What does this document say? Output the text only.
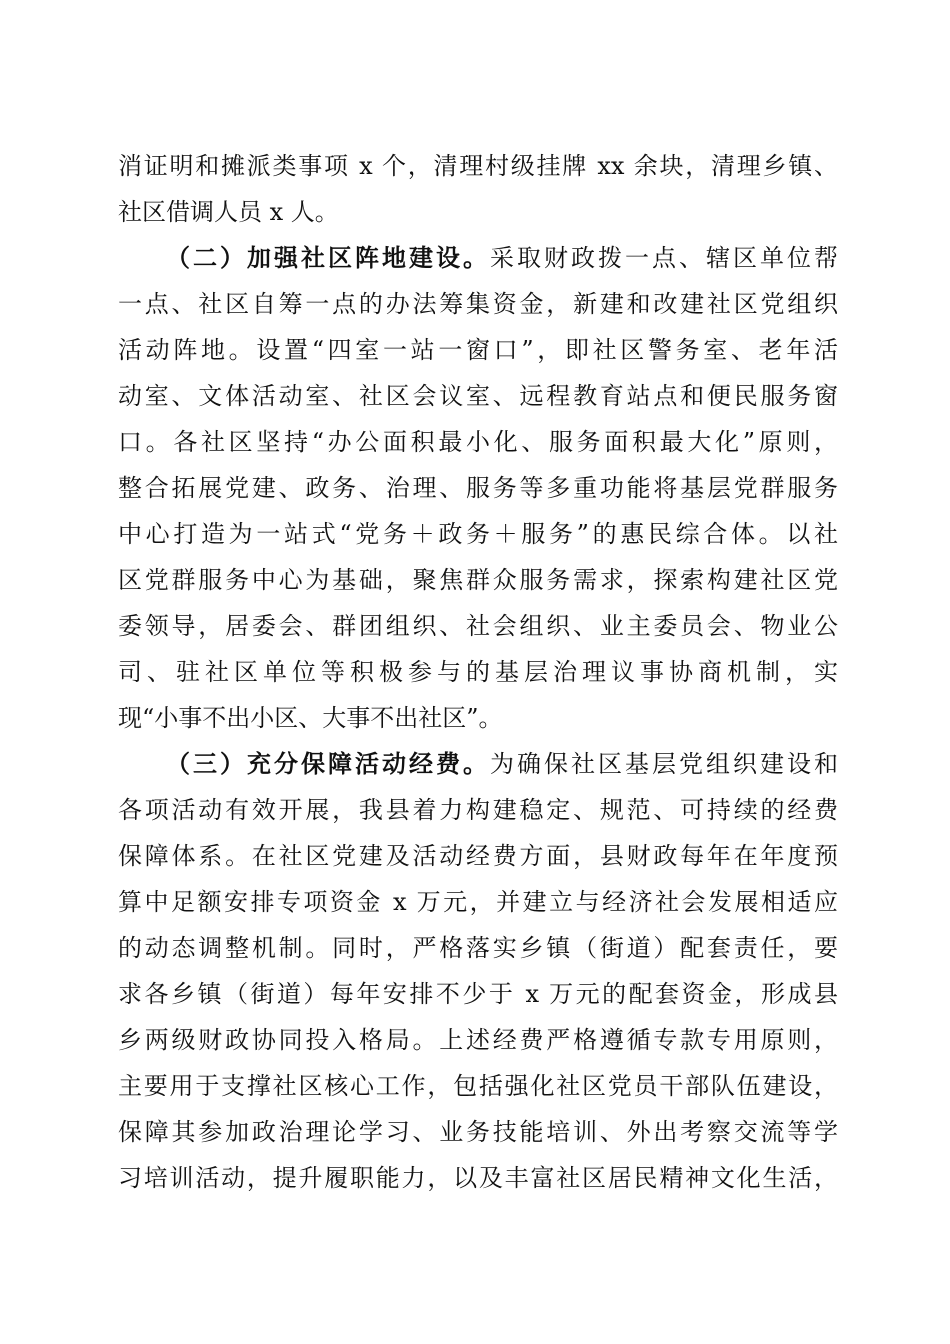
消证明和摊派类事项 x 个，清理村级挂牌 xx 余块，清理乡镇、
社区借调人员 x 人。
（二）加强社区阵地建设。采取财政拨一点、辖区单位帮
一点、社区自筹一点的办法筹集资金，新建和改建社区党组织
活动阵地。设置“四室一站一窗口”，即社区警务室、老年活
动室、文体活动室、社区会议室、远程教育站点和便民服务窗
口。各社区坚持“办公面积最小化、服务面积最大化”原则，
整合拓展党建、政务、治理、服务等多重功能将基层党群服务
中心打造为一站式“党务＋政务＋服务”的惠民综合体。以社
区党群服务中心为基础，聚焦群众服务需求，探索构建社区党
委领导，居委会、群团组织、社会组织、业主委员会、物业公
司、驻社区单位等积极参与的基层治理议事协商机制，实
现“小事不出小区、大事不出社区”。
（三）充分保障活动经费。为确保社区基层党组织建设和
各项活动有效开展，我县着力构建稳定、规范、可持续的经费
保障体系。在社区党建及活动经费方面，县财政每年在年度预
算中足额安排专项资金 x 万元，并建立与经济社会发展相适应
的动态调整机制。同时，严格落实乡镇（街道）配套责任，要
求各乡镇（街道）每年安排不少于 x 万元的配套资金，形成县
乡两级财政协同投入格局。上述经费严格遵循专款专用原则，
主要用于支撑社区核心工作，包括强化社区党员干部队伍建设，
保障其参加政治理论学习、业务技能培训、外出考察交流等学
习培训活动，提升履职能力，以及丰富社区居民精神文化生活，
